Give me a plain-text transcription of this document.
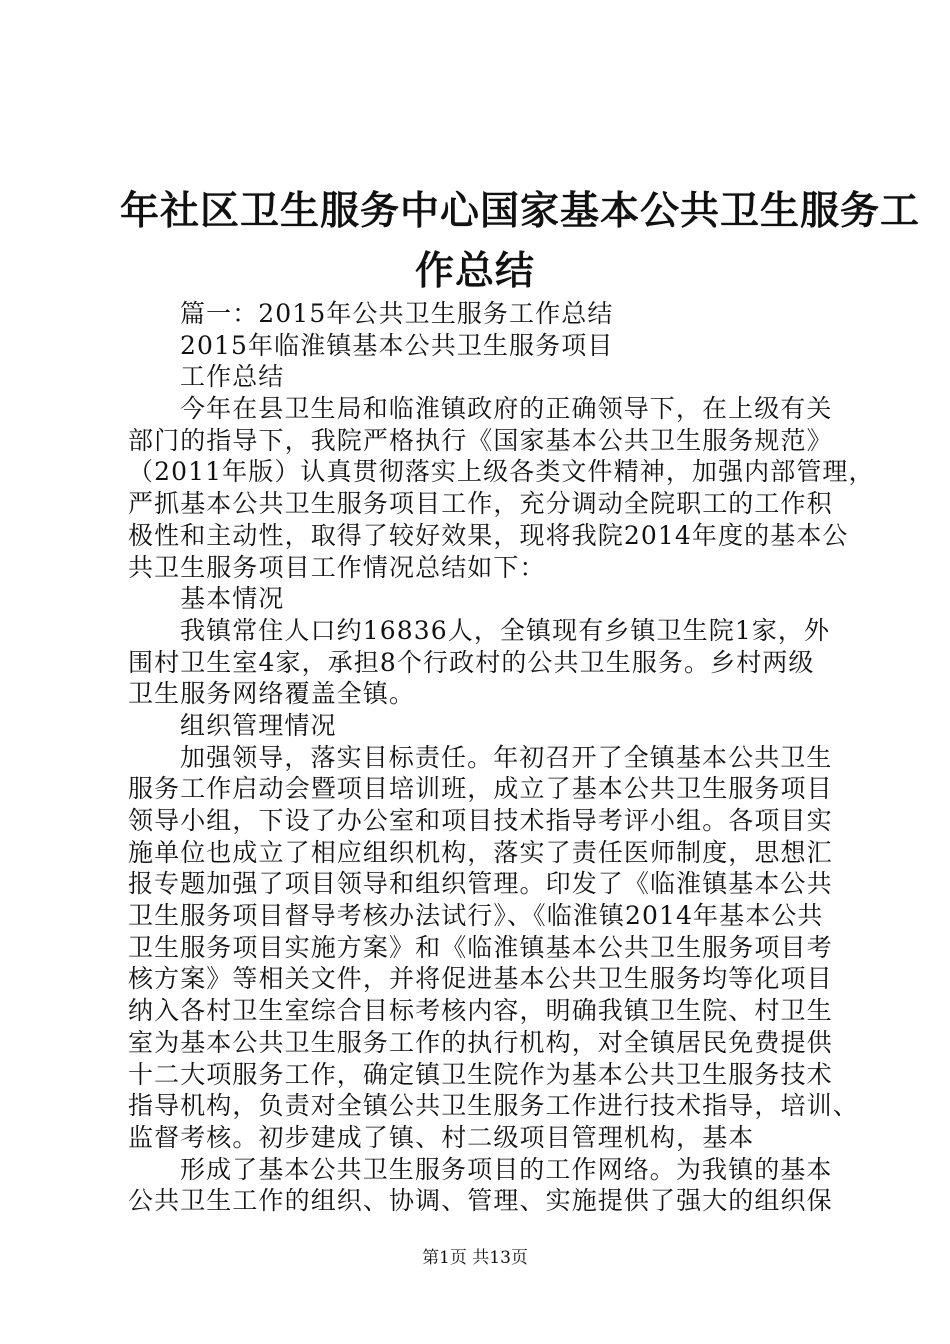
年社区卫生服务中心国家基本公共卫生服务工
作总结
篇一：2015年公共卫生服务工作总结
2015年临淮镇基本公共卫生服务项目
工作总结
今年在县卫生局和临淮镇政府的正确领导下，在上级有关
部门的指导下，我院严格执行《国家基本公共卫生服务规范》
（2011年版）认真贯彻落实上级各类文件精神，加强内部管理，
严抓基本公共卫生服务项目工作，充分调动全院职工的工作积
极性和主动性，取得了较好效果，现将我院2014年度的基本公
共卫生服务项目工作情况总结如下：
基本情况
我镇常住人口约16836人，全镇现有乡镇卫生院1家，外
围村卫生室4家，承担8个行政村的公共卫生服务。乡村两级
卫生服务网络覆盖全镇。
组织管理情况
加强领导，落实目标责任。年初召开了全镇基本公共卫生
服务工作启动会暨项目培训班，成立了基本公共卫生服务项目
领导小组，下设了办公室和项目技术指导考评小组。各项目实
施单位也成立了相应组织机构，落实了责任医师制度，思想汇
报专题加强了项目领导和组织管理。印发了《临淮镇基本公共
卫生服务项目督导考核办法试行》、《临淮镇2014年基本公共
卫生服务项目实施方案》和《临淮镇基本公共卫生服务项目考
核方案》等相关文件，并将促进基本公共卫生服务均等化项目
纳入各村卫生室综合目标考核内容，明确我镇卫生院、村卫生
室为基本公共卫生服务工作的执行机构，对全镇居民免费提供
十二大项服务工作，确定镇卫生院作为基本公共卫生服务技术
指导机构，负责对全镇公共卫生服务工作进行技术指导，培训、
监督考核。初步建成了镇、村二级项目管理机构，基本
形成了基本公共卫生服务项目的工作网络。为我镇的基本
公共卫生工作的组织、协调、管理、实施提供了强大的组织保
第1页 共13页
